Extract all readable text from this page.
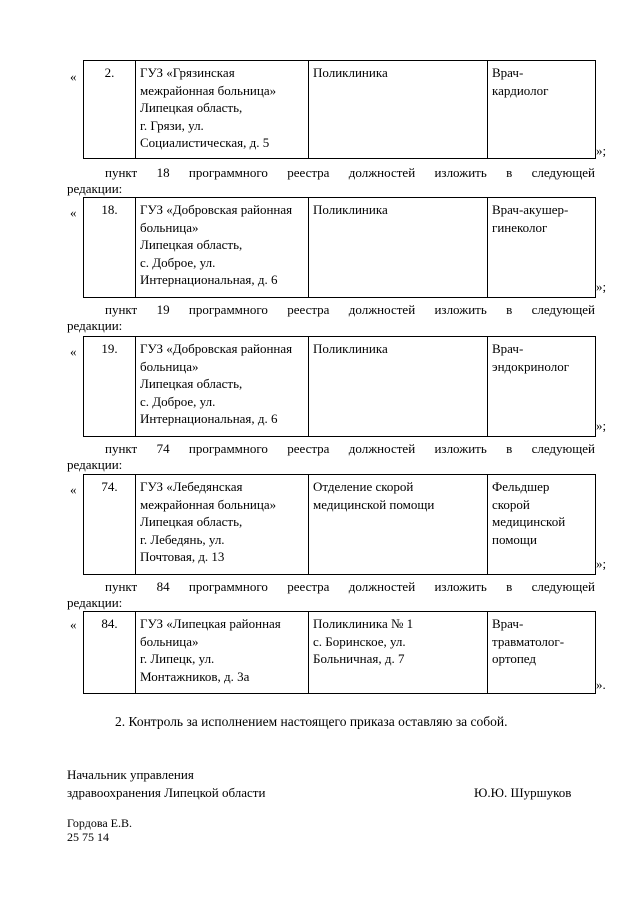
« 2.	ГУЗ «Грязинская межрайонная больница»
Липецкая область,
г. Грязи, ул.
Социалистическая, д. 5	Поликлиника	Врач-
кардиолог
»;
пункт 18 программного реестра должностей изложить в следующей
редакции:
« 18.	ГУЗ «Добровская районная больница»
Липецкая область,
с. Доброе, ул.
Интернациональная, д. 6	Поликлиника	Врач-акушер-
гинеколог
»;
пункт 19 программного реестра должностей изложить в следующей
редакции:
« 19.	ГУЗ «Добровская районная больница»
Липецкая область,
с. Доброе, ул.
Интернациональная, д. 6	Поликлиника	Врач-
эндокринолог
»;
пункт 74 программного реестра должностей изложить в следующей
редакции:
« 74.	ГУЗ «Лебедянская межрайонная больница»
Липецкая область,
г. Лебедянь, ул.
Почтовая, д. 13	Отделение скорой медицинской помощи	Фельдшер
скорой
медицинской
помощи
»;
пункт 84 программного реестра должностей изложить в следующей
редакции:
« 84.	ГУЗ «Липецкая районная больница»
г. Липецк, ул.
Монтажников, д. 3а	Поликлиника № 1
с. Боринское, ул.
Больничная, д. 7	Врач-
травматолог-
ортопед
».
2. Контроль за исполнением настоящего приказа оставляю за собой.
Начальник управления
здравоохранения Липецкой области	Ю.Ю. Шуршуков
Гордова Е.В.
25 75 14
